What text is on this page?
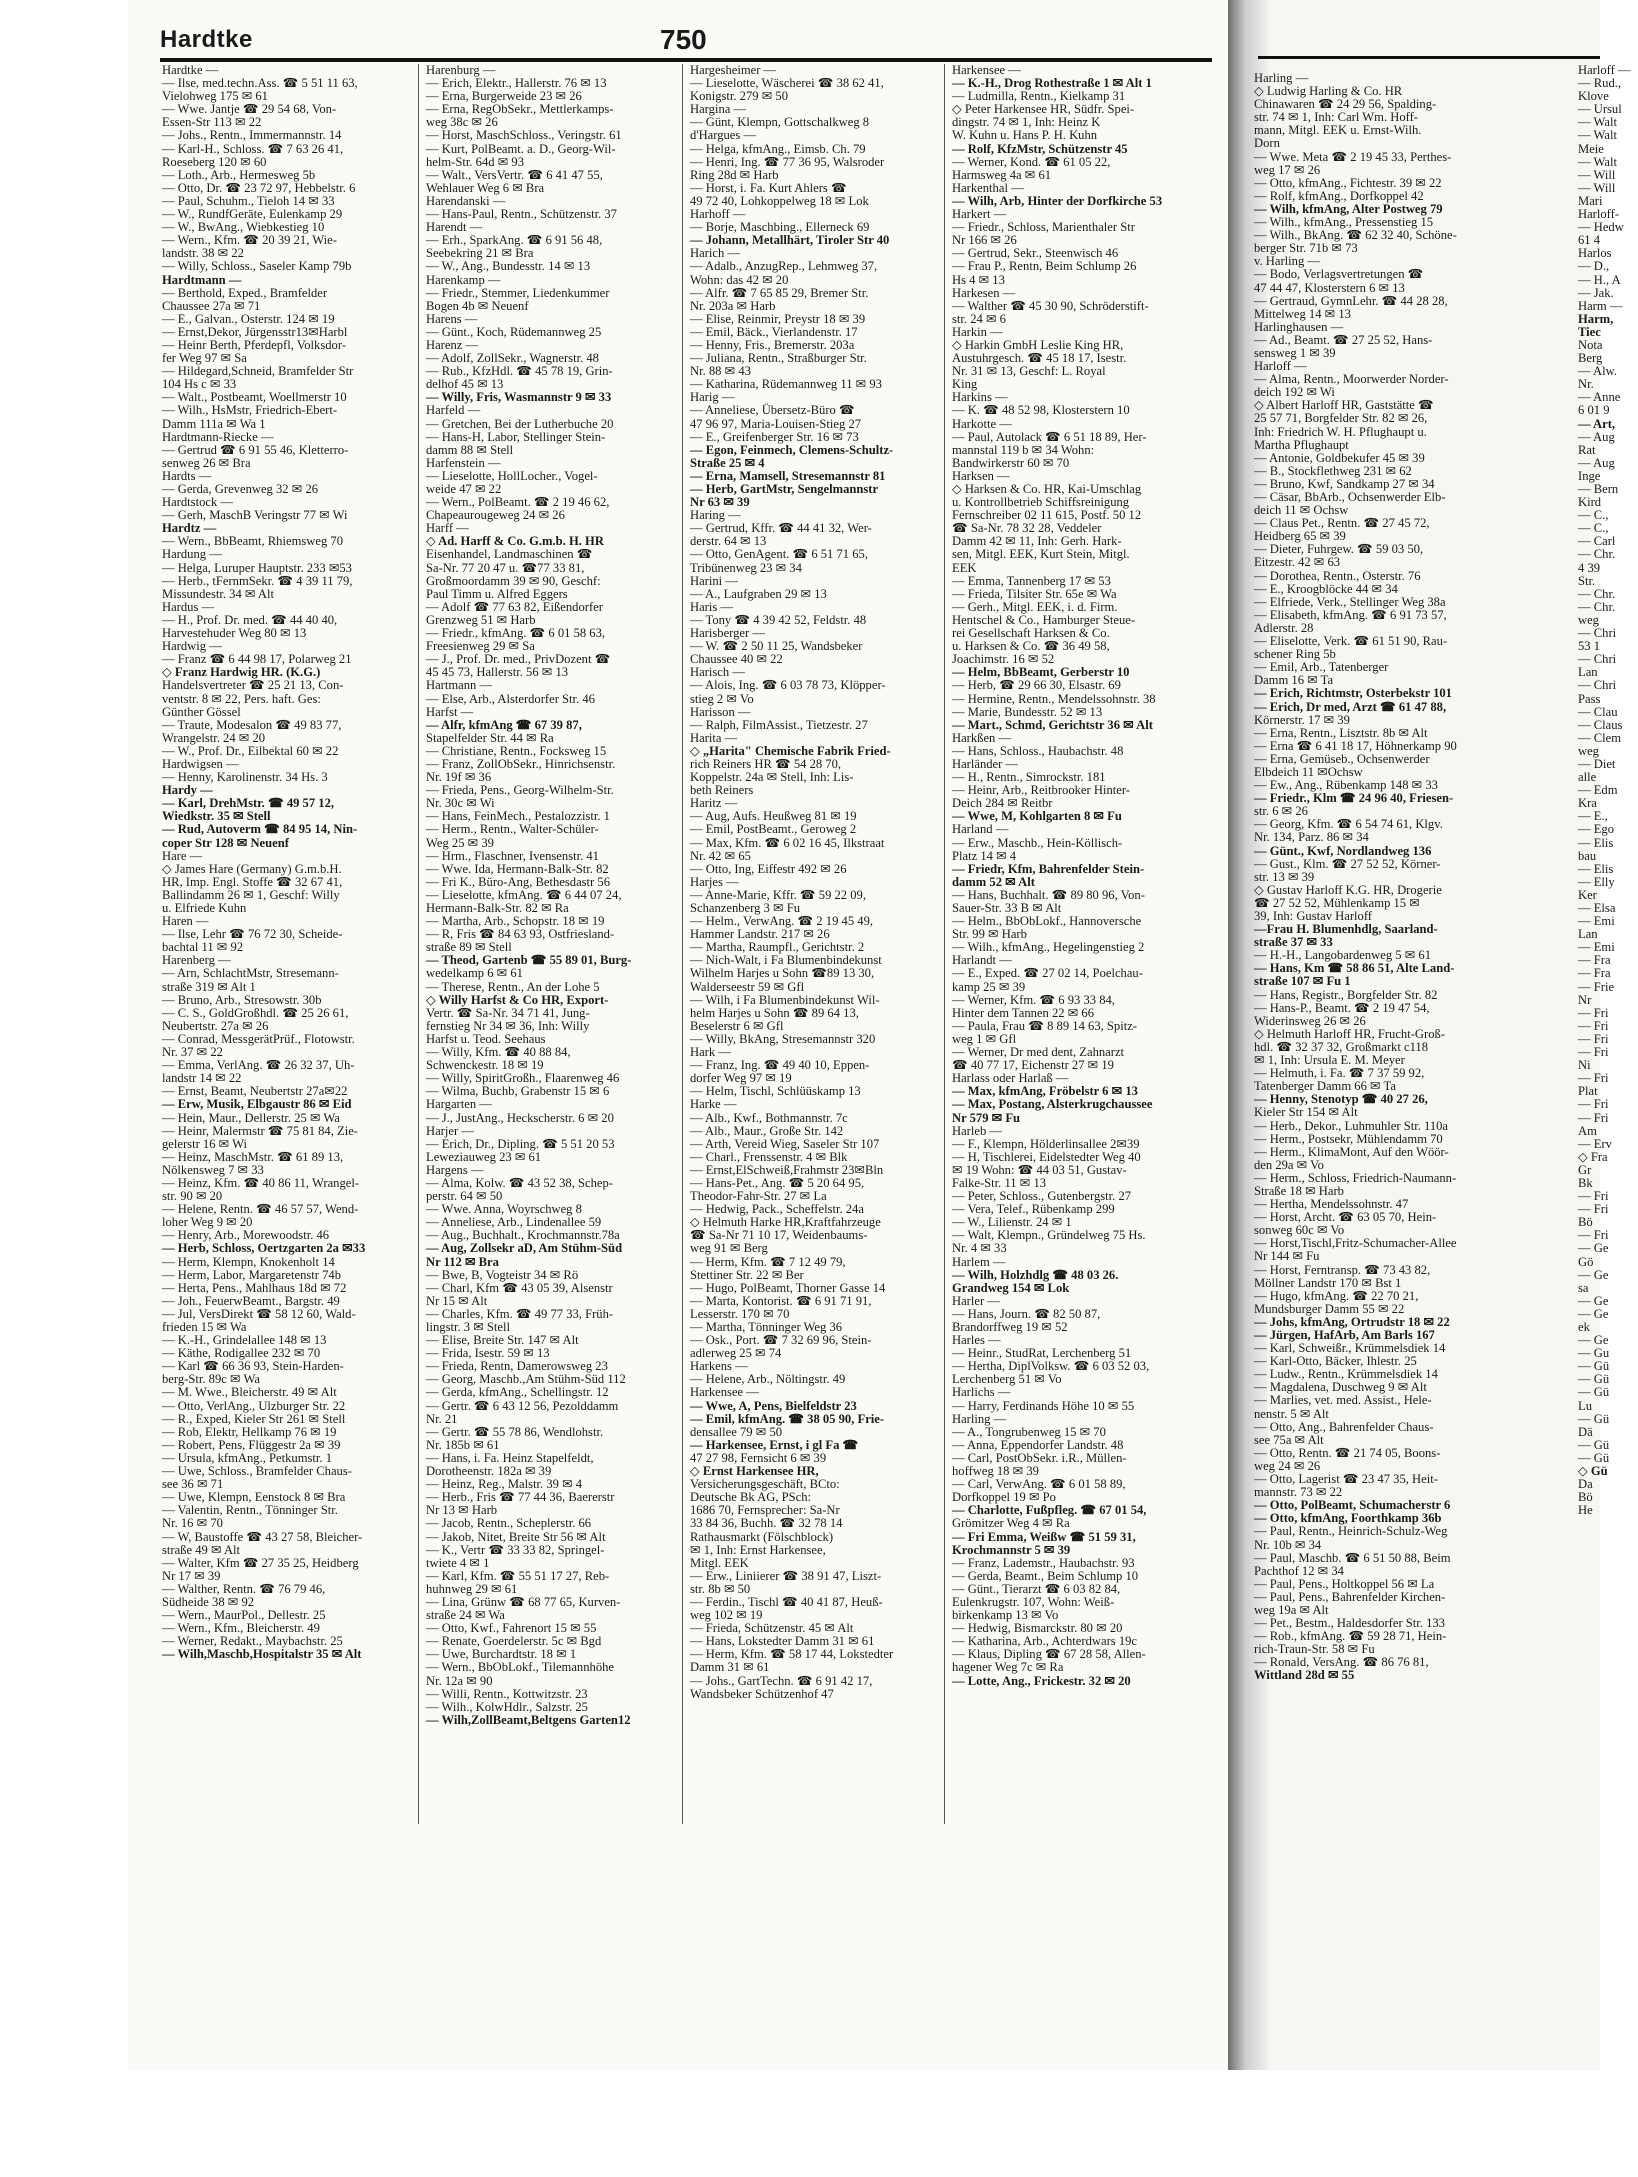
Hardtke	750
Hardtke —
— Ilse, med.techn.Ass. ☎ 5 51 11 63,
Vielohweg 175 ✉ 61
— Wwe. Jantje ☎ 29 54 68, Von-
Essen-Str 113 ✉ 22
— Johs., Rentn., Immermannstr. 14
— Karl-H., Schloss. ☎ 7 63 26 41,
Roeseberg 120 ✉ 60
— Loth., Arb., Hermesweg 5b
— Otto, Dr. ☎ 23 72 97, Hebbelstr. 6
— Paul, Schuhm., Tieloh 14 ✉ 33
— W., RundfGeräte, Eulenkamp 29
— W., BwAng., Wiebkestieg 10
— Wern., Kfm. ☎ 20 39 21, Wie-
landstr. 38 ✉ 22
— Willy, Schloss., Saseler Kamp 79b
Hardtmann —
— Berthold, Exped., Bramfelder
Chaussee 27a ✉ 71
— E., Galvan., Osterstr. 124 ✉ 19
— Ernst,Dekor, Jürgensstr13✉Harbl
— Heinr Berth, Pferdepfl, Volksdor-
fer Weg 97 ✉ Sa
— Hildegard,Schneid, Bramfelder Str
104 Hs c ✉ 33
— Walt., Postbeamt, Woellmerstr 10
— Wilh., HsMstr, Friedrich-Ebert-
Damm 111a ✉ Wa 1
Hardtmann-Riecke —
— Gertrud ☎ 6 91 55 46, Kletterro-
senweg 26 ✉ Bra
Hardts —
— Gerda, Grevenweg 32 ✉ 26
Hardtstock —
— Gerh, MaschB Veringstr 77 ✉ Wi
Hardtz —
— Wern., BbBeamt, Rhiemsweg 70
Hardung —
— Helga, Luruper Hauptstr. 233 ✉53
— Herb., tFernmSekr. ☎ 4 39 11 79,
Missundestr. 34 ✉ Alt
Hardus —
— H., Prof. Dr. med. ☎ 44 40 40,
Harvestehuder Weg 80 ✉ 13
Hardwig —
— Franz ☎ 6 44 98 17, Polarweg 21
◇ Franz Hardwig HR. (K.G.)
Handelsvertreter ☎ 25 21 13, Con-
ventstr. 8 ✉ 22, Pers. haft. Ges:
Günther Gössel
— Traute, Modesalon ☎ 49 83 77,
Wrangelstr. 24 ✉ 20
— W., Prof. Dr., Eilbektal 60 ✉ 22
Hardwigsen —
— Henny, Karolinenstr. 34 Hs. 3
Hardy —
— Karl, DrehMstr. ☎ 49 57 12,
Wiedkstr. 35 ✉ Stell
— Rud, Autoverm ☎ 84 95 14, Nin-
coper Str 128 ✉ Neuenf
Hare —
◇ James Hare (Germany) G.m.b.H.
HR, Imp. Engl. Stoffe ☎ 32 67 41,
Ballindamm 26 ✉ 1, Geschf: Willy
u. Elfriede Kuhn
Haren —
— Ilse, Lehr ☎ 76 72 30, Scheide-
bachtal 11 ✉ 92
Harenberg —
— Arn, SchlachtMstr, Stresemann-
straße 319 ✉ Alt 1
— Bruno, Arb., Stresowstr. 30b
— C. S., GoldGroßhdl. ☎ 25 26 61,
Neubertstr. 27a ✉ 26
— Conrad, MessgerätPrüf., Flotowstr.
Nr. 37 ✉ 22
— Emma, VerlAng. ☎ 26 32 37, Uh-
landstr 14 ✉ 22
— Ernst, Beamt, Neubertstr 27a✉22
— Erw, Musik, Elbgaustr 86 ✉ Eid
— Hein, Maur., Dellerstr. 25 ✉ Wa
— Heinr, Malermstr ☎ 75 81 84, Zie-
gelerstr 16 ✉ Wi
— Heinz, MaschMstr. ☎ 61 89 13,
Nölkensweg 7 ✉ 33
— Heinz, Kfm. ☎ 40 86 11, Wrangel-
str. 90 ✉ 20
— Helene, Rentn. ☎ 46 57 57, Wend-
loher Weg 9 ✉ 20
— Henry, Arb., Morewoodstr. 46
— Herb, Schloss, Oertzgarten 2a ✉33
— Herm, Klempn, Knokenholt 14
— Herm, Labor, Margaretenstr 74b
— Herta, Pens., Mahlhaus 18d ✉ 72
— Joh., FeuerwBeamt., Bargstr. 49
— Jul, VersDirekt ☎ 58 12 60, Wald-
frieden 15 ✉ Wa
— K.-H., Grindelallee 148 ✉ 13
— Käthe, Rodigallee 232 ✉ 70
— Karl ☎ 66 36 93, Stein-Harden-
berg-Str. 89c ✉ Wa
— M. Wwe., Bleicherstr. 49 ✉ Alt
— Otto, VerlAng., Ulzburger Str. 22
— R., Exped, Kieler Str 261 ✉ Stell
— Rob, Elektr, Hellkamp 76 ✉ 19
— Robert, Pens, Flüggestr 2a ✉ 39
— Ursula, kfmAng., Petkumstr. 1
— Uwe, Schloss., Bramfelder Chaus-
see 36 ✉ 71
— Uwe, Klempn, Eenstock 8 ✉ Bra
— Valentin, Rentn., Tönninger Str.
Nr. 16 ✉ 70
— W, Baustoffe ☎ 43 27 58, Bleicher-
straße 49 ✉ Alt
— Walter, Kfm ☎ 27 35 25, Heidberg
Nr 17 ✉ 39
— Walther, Rentn. ☎ 76 79 46,
Südheide 38 ✉ 92
— Wern., MaurPol., Dellestr. 25
— Wern., Kfm., Bleicherstr. 49
— Werner, Redakt., Maybachstr. 25
— Wilh,Maschb,Hospitalstr 35 ✉ Alt
Harenburg —
— Erich, Elektr., Hallerstr. 76 ✉ 13
— Erna, Burgerweide 23 ✉ 26
— Erna, RegObSekr., Mettlerkamps-
weg 38c ✉ 26
— Horst, MaschSchloss., Veringstr. 61
— Kurt, PolBeamt. a. D., Georg-Wil-
helm-Str. 64d ✉ 93
— Walt., VersVertr. ☎ 6 41 47 55,
Wehlauer Weg 6 ✉ Bra
Harendanski —
— Hans-Paul, Rentn., Schützenstr. 37
Harendt —
— Erh., SparkAng. ☎ 6 91 56 48,
Seebekring 21 ✉ Bra
— W., Ang., Bundesstr. 14 ✉ 13
Harenkamp —
— Friedr., Stemmer, Liedenkummer
Bogen 4b ✉ Neuenf
Harens —
— Günt., Koch, Rüdemannweg 25
Harenz —
— Adolf, ZollSekr., Wagnerstr. 48
— Rub., KfzHdl. ☎ 45 78 19, Grin-
delhof 45 ✉ 13
— Willy, Fris, Wasmannstr 9 ✉ 33
Harfeld —
— Gretchen, Bei der Lutherbuche 20
— Hans-H, Labor, Stellinger Stein-
damm 88 ✉ Stell
Harfenstein —
— Lieselotte, HollLocher., Vogel-
weide 47 ✉ 22
— Wern., PolBeamt. ☎ 2 19 46 62,
Chapeaurougeweg 24 ✉ 26
Harff —
◇ Ad. Harff & Co. G.m.b. H. HR
Eisenhandel, Landmaschinen ☎
Sa-Nr. 77 20 47 u. ☎77 33 81,
Großmoordamm 39 ✉ 90, Geschf:
Paul Timm u. Alfred Eggers
— Adolf ☎ 77 63 82, Eißendorfer
Grenzweg 51 ✉ Harb
— Friedr., kfmAng. ☎ 6 01 58 63,
Freesienweg 29 ✉ Sa
— J., Prof. Dr. med., PrivDozent ☎
45 45 73, Hallerstr. 56 ✉ 13
Hartmann —
— Else, Arb., Alsterdorfer Str. 46
Harfst —
— Alfr, kfmAng ☎ 67 39 87,
Stapelfelder Str. 44 ✉ Ra
— Christiane, Rentn., Focksweg 15
— Franz, ZollObSekr., Hinrichsenstr.
Nr. 19f ✉ 36
— Frieda, Pens., Georg-Wilhelm-Str.
Nr. 30c ✉ Wi
— Hans, FeinMech., Pestalozzistr. 1
— Herm., Rentn., Walter-Schüler-
Weg 25 ✉ 39
— Hrm., Flaschner, Ivensenstr. 41
— Wwe. Ida, Hermann-Balk-Str. 82
— Fri K., Büro-Ang, Bethesdastr 56
— Lieselotte, kfmAng. ☎ 6 44 07 24,
Hermann-Balk-Str. 82 ✉ Ra
— Martha, Arb., Schopstr. 18 ✉ 19
— R, Fris ☎ 84 63 93, Ostfriesland-
straße 89 ✉ Stell
— Theod, Gartenb ☎ 55 89 01, Burg-
wedelkamp 6 ✉ 61
— Therese, Rentn., An der Lohe 5
◇ Willy Harfst & Co HR, Export-
Vertr. ☎ Sa-Nr. 34 71 41, Jung-
fernstieg Nr 34 ✉ 36, Inh: Willy
Harfst u. Teod. Seehaus
— Willy, Kfm. ☎ 40 88 84,
Schwenckestr. 18 ✉ 19
— Willy, SpiritGroßh., Flaarenweg 46
— Wilma, Buchb, Grabenstr 15 ✉ 6
Hargarten —
— J., JustAng., Heckscherstr. 6 ✉ 20
Harjer —
— Erich, Dr., Dipling. ☎ 5 51 20 53
Leweziauweg 23 ✉ 61
Hargens —
— Alma, Kolw. ☎ 43 52 38, Schep-
perstr. 64 ✉ 50
— Wwe. Anna, Woyrschweg 8
— Anneliese, Arb., Lindenallee 59
— Aug., Buchhalt., Krochmannstr.78a
— Aug, Zollsekr aD, Am Stühm-Süd
Nr 112 ✉ Bra
— Bwe, B, Vogteistr 34 ✉ Rö
— Charl, Kfm ☎ 43 05 39, Alsenstr
Nr 15 ✉ Alt
— Charles, Kfm. ☎ 49 77 33, Früh-
lingstr. 3 ✉ Stell
— Elise, Breite Str. 147 ✉ Alt
— Frida, Isestr. 59 ✉ 13
— Frieda, Rentn, Damerowsweg 23
— Georg, Maschb.,Am Stühm-Süd 112
— Gerda, kfmAng., Schellingstr. 12
— Gertr. ☎ 6 43 12 56, Pezolddamm
Nr. 21
— Gertr. ☎ 55 78 86, Wendlohstr.
Nr. 185b ✉ 61
— Hans, i. Fa. Heinz Stapelfeldt,
Dorotheenstr. 182a ✉ 39
— Heinz, Reg., Malstr. 39 ✉ 4
— Herb., Fris ☎ 77 44 36, Baererstr
Nr 13 ✉ Harb
— Jacob, Rentn., Scheplerstr. 66
— Jakob, Nitet, Breite Str 56 ✉ Alt
— K., Vertr ☎ 33 33 82, Springel-
twiete 4 ✉ 1
— Karl, Kfm. ☎ 55 51 17 27, Reb-
huhnweg 29 ✉ 61
— Lina, Grünw ☎ 68 77 65, Kurven-
straße 24 ✉ Wa
— Otto, Kwf., Fahrenort 15 ✉ 55
— Renate, Goerdelerstr. 5c ✉ Bgd
— Uwe, Burchardtstr. 18 ✉ 1
— Wern., BbObLokf., Tilemannhöhe
Nr. 12a ✉ 90
— Willi, Rentn., Kottwitzstr. 23
— Wilh., KolwHdlr., Salzstr. 25
— Wilh,ZollBeamt,Beltgens Garten12
Hargesheimer —
— Lieselotte, Wäscherei ☎ 38 62 41,
Konigstr. 279 ✉ 50
Hargina —
— Günt, Klempn, Gottschalkweg 8
d'Hargues —
— Helga, kfmAng., Eimsb. Ch. 79
— Henri, Ing. ☎ 77 36 95, Walsroder
Ring 28d ✉ Harb
— Horst, i. Fa. Kurt Ahlers ☎
49 72 40, Lohkoppelweg 18 ✉ Lok
Harhoff —
— Borje, Maschbing., Ellerneck 69
— Johann, Metallhärt, Tiroler Str 40
Harich —
— Adalb., AnzugRep., Lehmweg 37,
Wohn: das 42 ✉ 20
— Alfr. ☎ 7 65 85 29, Bremer Str.
Nr. 203a ✉ Harb
— Elise, Reinmir, Preystr 18 ✉ 39
— Emil, Bäck., Vierlandenstr. 17
— Henny, Fris., Bremerstr. 203a
— Juliana, Rentn., Straßburger Str.
Nr. 88 ✉ 43
— Katharina, Rüdemannweg 11 ✉ 93
Harig —
— Anneliese, Übersetz-Büro ☎
47 96 97, Maria-Louisen-Stieg 27
— E., Greifenberger Str. 16 ✉ 73
— Egon, Feinmech, Clemens-Schultz-
Straße 25 ✉ 4
— Erna, Mamsell, Stresemannstr 81
— Herb, GartMstr, Sengelmannstr
Nr 63 ✉ 39
Haring —
— Gertrud, Kffr. ☎ 44 41 32, Wer-
derstr. 64 ✉ 13
— Otto, GenAgent. ☎ 6 51 71 65,
Tribünenweg 23 ✉ 34
Harini —
— A., Laufgraben 29 ✉ 13
Haris —
— Tony ☎ 4 39 42 52, Feldstr. 48
Harisberger —
— W. ☎ 2 50 11 25, Wandsbeker
Chaussee 40 ✉ 22
Harisch —
— Alois, Ing. ☎ 6 03 78 73, Klöpper-
stieg 2 ✉ Vo
Harisson —
— Ralph, FilmAssist., Tietzestr. 27
Harita —
◇ „Harita" Chemische Fabrik Fried-
rich Reiners HR ☎ 54 28 70,
Koppelstr. 24a ✉ Stell, Inh: Lis-
beth Reiners
Haritz —
— Aug, Aufs. Heußweg 81 ✉ 19
— Emil, PostBeamt., Geroweg 2
— Max, Kfm. ☎ 6 02 16 45, Ilkstraat
Nr. 42 ✉ 65
— Otto, Ing, Eiffestr 492 ✉ 26
Harjes —
— Anne-Marie, Kffr. ☎ 59 22 09,
Schanzenberg 3 ✉ Fu
— Helm., VerwAng. ☎ 2 19 45 49,
Hammer Landstr. 217 ✉ 26
— Martha, Raumpfl., Gerichtstr. 2
— Nich-Walt, i Fa Blumenbindekunst
Wilhelm Harjes u Sohn ☎89 13 30,
Walderseestr 59 ✉ Gfl
— Wilh, i Fa Blumenbindekunst Wil-
helm Harjes u Sohn ☎ 89 64 13,
Beselerstr 6 ✉ Gfl
— Willy, BkAng, Stresemannstr 320
Hark —
— Franz, Ing. ☎ 49 40 10, Eppen-
dorfer Weg 97 ✉ 19
— Helm, Tischl, Schlüüskamp 13
Harke —
— Alb., Kwf., Bothmannstr. 7c
— Alb., Maur., Große Str. 142
— Arth, Vereid Wieg, Saseler Str 107
— Charl., Frenssenstr. 4 ✉ Blk
— Ernst,ElSchweiß,Frahmstr 23✉Bln
— Hans-Pet., Ang. ☎ 5 20 64 95,
Theodor-Fahr-Str. 27 ✉ La
— Hedwig, Pack., Scheffelstr. 24a
◇ Helmuth Harke HR,Kraftfahrzeuge
☎ Sa-Nr 71 10 17, Weidenbaums-
weg 91 ✉ Berg
— Herm, Kfm. ☎ 7 12 49 79,
Stettiner Str. 22 ✉ Ber
— Hugo, PolBeamt, Thorner Gasse 14
— Marta, Kontorist. ☎ 6 91 71 91,
Lesserstr. 170 ✉ 70
— Martha, Tönninger Weg 36
— Osk., Port. ☎ 7 32 69 96, Stein-
adlerweg 25 ✉ 74
Harkens —
— Helene, Arb., Nöltingstr. 49
Harkensee —
— Wwe, A, Pens, Bielfeldstr 23
— Emil, kfmAng. ☎ 38 05 90, Frie-
densallee 79 ✉ 50
— Harkensee, Ernst, i gl Fa ☎
47 27 98, Fernsicht 6 ✉ 39
◇ Ernst Harkensee HR,
Versicherungsgeschäft, BCto:
Deutsche Bk AG, PSch:
1686 70, Fernsprecher: Sa-Nr
33 84 36, Buchh. ☎ 32 78 14
Rathausmarkt (Fölschblock)
✉ 1, Inh: Ernst Harkensee,
Mitgl. EEK
— Erw., Liniierer ☎ 38 91 47, Liszt-
str. 8b ✉ 50
— Ferdin., Tischl ☎ 40 41 87, Heuß-
weg 102 ✉ 19
— Frieda, Schützenstr. 45 ✉ Alt
— Hans, Lokstedter Damm 31 ✉ 61
— Herm, Kfm. ☎ 58 17 44, Lokstedter
Damm 31 ✉ 61
— Johs., GartTechn. ☎ 6 91 42 17,
Wandsbeker Schützenhof 47
Harkensee —
— K.-H., Drog Rothestraße 1 ✉ Alt 1
— Ludmilla, Rentn., Kielkamp 31
◇ Peter Harkensee HR, Südfr. Spei-
dingstr. 74 ✉ 1, Inh: Heinz K
W. Kuhn u. Hans P. H. Kuhn
— Rolf, KfzMstr, Schützenstr 45
— Werner, Kond. ☎ 61 05 22,
Harmsweg 4a ✉ 61
Harkenthal —
— Wilh, Arb, Hinter der Dorfkirche 53
Harkert —
— Friedr., Schloss, Marienthaler Str
Nr 166 ✉ 26
— Gertrud, Sekr., Steenwisch 46
— Frau P., Rentn, Beim Schlump 26
Hs 4 ✉ 13
Harkesen —
— Walther ☎ 45 30 90, Schröderstift-
str. 24 ✉ 6
Harkin —
◇ Harkin GmbH Leslie King HR,
Austuhrgesch. ☎ 45 18 17, Isestr.
Nr. 31 ✉ 13, Geschf: L. Royal
King
Harkins —
— K. ☎ 48 52 98, Klosterstern 10
Harkotte —
— Paul, Autolack ☎ 6 51 18 89, Her-
mannstal 119 b ✉ 34 Wohn:
Bandwirkerstr 60 ✉ 70
Harksen —
◇ Harksen & Co. HR, Kai-Umschlag
u. Kontrollbetrieb Schiffsreinigung
Fernschreiber 02 11 615, Postf. 50 12
☎ Sa-Nr. 78 32 28, Veddeler
Damm 42 ✉ 11, Inh: Gerh. Hark-
sen, Mitgl. EEK, Kurt Stein, Mitgl.
EEK
— Emma, Tannenberg 17 ✉ 53
— Frieda, Tilsiter Str. 65e ✉ Wa
— Gerh., Mitgl. EEK, i. d. Firm.
Hentschel & Co., Hamburger Steue-
rei Gesellschaft Harksen & Co.
u. Harksen & Co. ☎ 36 49 58,
Joachimstr. 16 ✉ 52
— Helm, BbBeamt, Gerberstr 10
— Herb, ☎ 29 66 30, Elsastr. 69
— Hermine, Rentn., Mendelssohnstr. 38
— Marie, Bundesstr. 52 ✉ 13
— Mart., Schmd, Gerichtstr 36 ✉ Alt
Harkßen —
— Hans, Schloss., Haubachstr. 48
Harländer —
— H., Rentn., Simrockstr. 181
— Heinr, Arb., Reitbrooker Hinter-
Deich 284 ✉ Reitbr
— Wwe, M, Kohlgarten 8 ✉ Fu
Harland —
— Erw., Maschb., Hein-Köllisch-
Platz 14 ✉ 4
— Friedr, Kfm, Bahrenfelder Stein-
damm 52 ✉ Alt
— Hans, Buchhalt. ☎ 89 80 96, Von-
Sauer-Str. 33 B ✉ Alt
— Helm., BbObLokf., Hannoversche
Str. 99 ✉ Harb
— Wilh., kfmAng., Hegelingenstieg 2
Harlandt —
— E., Exped. ☎ 27 02 14, Poelchau-
kamp 25 ✉ 39
— Werner, Kfm. ☎ 6 93 33 84,
Hinter dem Tannen 22 ✉ 66
— Paula, Frau ☎ 8 89 14 63, Spitz-
weg 1 ✉ Gfl
— Werner, Dr med dent, Zahnarzt
☎ 40 77 17, Eichenstr 27 ✉ 19
Harlass oder Harlaß —
— Max, kfmAng, Fröbelstr 6 ✉ 13
— Max, Postang, Alsterkrugchaussee
Nr 579 ✉ Fu
Harleb —
— F., Klempn, Hölderlinsallee 2✉39
— H, Tischlerei, Eidelstedter Weg 40
✉ 19 Wohn: ☎ 44 03 51, Gustav-
Falke-Str. 11 ✉ 13
— Peter, Schloss., Gutenbergstr. 27
— Vera, Telef., Rübenkamp 299
— W., Lilienstr. 24 ✉ 1
— Walt, Klempn., Gründelweg 75 Hs.
Nr. 4 ✉ 33
Harlem —
— Wilh, Holzhdlg ☎ 48 03 26.
Grandweg 154 ✉ Lok
Harler —
— Hans, Journ. ☎ 82 50 87,
Brandorffweg 19 ✉ 52
Harles —
— Heinr., StudRat, Lerchenberg 51
— Hertha, DiplVolksw. ☎ 6 03 52 03,
Lerchenberg 51 ✉ Vo
Harlichs —
— Harry, Ferdinands Höhe 10 ✉ 55
Harling —
— A., Tongrubenweg 15 ✉ 70
— Anna, Eppendorfer Landstr. 48
— Carl, PostObSekr. i.R., Müllen-
hoffweg 18 ✉ 39
— Carl, VerwAng. ☎ 6 01 58 89,
Dorfkoppel 19 ✉ Po
— Charlotte, Fußpfleg. ☎ 67 01 54,
Grömitzer Weg 4 ✉ Ra
— Fri Emma, Weißw ☎ 51 59 31,
Krochmannstr 5 ✉ 39
— Franz, Lademstr., Haubachstr. 93
— Gerda, Beamt., Beim Schlump 10
— Günt., Tierarzt ☎ 6 03 82 84,
Eulenkrugstr. 107, Wohn: Weiß-
birkenkamp 13 ✉ Vo
— Hedwig, Bismarckstr. 80 ✉ 20
— Katharina, Arb., Achterdwars 19c
— Klaus, Dipling ☎ 67 28 58, Allen-
hagener Weg 7c ✉ Ra
— Lotte, Ang., Frickestr. 32 ✉ 20
Harling —
◇ Ludwig Harling & Co. HR
Chinawaren ☎ 24 29 56, Spalding-
str. 74 ✉ 1, Inh: Carl Wm. Hoff-
mann, Mitgl. EEK u. Ernst-Wilh.
Dorn
— Wwe. Meta ☎ 2 19 45 33, Perthes-
weg 17 ✉ 26
— Otto, kfmAng., Fichtestr. 39 ✉ 22
— Rolf, kfmAng., Dorfkoppel 42
— Wilh, kfmAng, Alter Postweg 79
— Wilh., kfmAng., Pressenstieg 15
— Wilh., BkAng. ☎ 62 32 40, Schöne-
berger Str. 71b ✉ 73
v. Harling —
— Bodo, Verlagsvertretungen ☎
47 44 47, Klosterstern 6 ✉ 13
— Gertraud, GymnLehr. ☎ 44 28 28,
Mittelweg 14 ✉ 13
Harlinghausen —
— Ad., Beamt. ☎ 27 25 52, Hans-
sensweg 1 ✉ 39
Harloff —
— Alma, Rentn., Moorwerder Norder-
deich 192 ✉ Wi
◇ Albert Harloff HR, Gaststätte ☎
25 57 71, Borgfelder Str. 82 ✉ 26,
Inh: Friedrich W. H. Pflughaupt u.
Martha Pflughaupt
— Antonie, Goldbekufer 45 ✉ 39
— B., Stockflethweg 231 ✉ 62
— Bruno, Kwf, Sandkamp 27 ✉ 34
— Cäsar, BbArb., Ochsenwerder Elb-
deich 11 ✉ Ochsw
— Claus Pet., Rentn. ☎ 27 45 72,
Heidberg 65 ✉ 39
— Dieter, Fuhrgew. ☎ 59 03 50,
Eitzestr. 42 ✉ 63
— Dorothea, Rentn., Osterstr. 76
— E., Kroogblöcke 44 ✉ 34
— Elfriede, Verk., Stellinger Weg 38a
— Elisabeth, kfmAng. ☎ 6 91 73 57,
Adlerstr. 28
— Eliselotte, Verk. ☎ 61 51 90, Rau-
schener Ring 5b
— Emil, Arb., Tatenberger
Damm 16 ✉ Ta
— Erich, Richtmstr, Osterbekstr 101
— Erich, Dr med, Arzt ☎ 61 47 88,
Körnerstr. 17 ✉ 39
— Erna, Rentn., Lisztstr. 8b ✉ Alt
— Erna ☎ 6 41 18 17, Höhnerkamp 90
— Erna, Gemüseb., Ochsenwerder
Elbdeich 11 ✉Ochsw
— Ew., Ang., Rübenkamp 148 ✉ 33
— Friedr., Klm ☎ 24 96 40, Friesen-
str. 6 ✉ 26
— Georg, Kfm. ☎ 6 54 74 61, Klgv.
Nr. 134, Parz. 86 ✉ 34
— Günt., Kwf, Nordlandweg 136
— Gust., Klm. ☎ 27 52 52, Körner-
str. 13 ✉ 39
◇ Gustav Harloff K.G. HR, Drogerie
☎ 27 52 52, Mühlenkamp 15 ✉
39, Inh: Gustav Harloff
—Frau H. Blumenhdlg, Saarland-
straße 37 ✉ 33
— H.-H., Langobardenweg 5 ✉ 61
— Hans, Km ☎ 58 86 51, Alte Land-
straße 107 ✉ Fu 1
— Hans, Registr., Borgfelder Str. 82
— Hans-P., Beamt. ☎ 2 19 47 54,
Widerinsweg 26 ✉ 26
◇ Helmuth Harloff HR, Frucht-Groß-
hdl. ☎ 32 37 32, Großmarkt c118
✉ 1, Inh: Ursula E. M. Meyer
— Helmuth, i. Fa. ☎ 7 37 59 92,
Tatenberger Damm 66 ✉ Ta
— Henny, Stenotyp ☎ 40 27 26,
Kieler Str 154 ✉ Alt
— Herb., Dekor., Luhmuhler Str. 110a
— Herm., Postsekr, Mühlendamm 70
— Herm., KlimaMont, Auf den Wöör-
den 29a ✉ Vo
— Herm., Schloss, Friedrich-Naumann-
Straße 18 ✉ Harb
— Hertha, Mendelssohnstr. 47
— Horst, Archt. ☎ 63 05 70, Hein-
sonweg 60c ✉ Vo
— Horst,Tischl,Fritz-Schumacher-Allee
Nr 144 ✉ Fu
— Horst, Ferntransp. ☎ 73 43 82,
Möllner Landstr 170 ✉ Bst 1
— Hugo, kfmAng. ☎ 22 70 21,
Mundsburger Damm 55 ✉ 22
— Johs, kfmAng, Ortrudstr 18 ✉ 22
— Jürgen, HafArb, Am Barls 167
— Karl, Schweißr., Krümmelsdiek 14
— Karl-Otto, Bäcker, Ihlestr. 25
— Ludw., Rentn., Krümmelsdiek 14
— Magdalena, Duschweg 9 ✉ Alt
— Marlies, vet. med. Assist., Hele-
nenstr. 5 ✉ Alt
— Otto, Ang., Bahrenfelder Chaus-
see 75a ✉ Alt
— Otto, Rentn. ☎ 21 74 05, Boons-
weg 24 ✉ 26
— Otto, Lagerist ☎ 23 47 35, Heit-
mannstr. 73 ✉ 22
— Otto, PolBeamt, Schumacherstr 6
— Otto, kfmAng, Foorthkamp 36b
— Paul, Rentn., Heinrich-Schulz-Weg
Nr. 10b ✉ 34
— Paul, Maschb. ☎ 6 51 50 88, Beim
Pachthof 12 ✉ 34
— Paul, Pens., Holtkoppel 56 ✉ La
— Paul, Pens., Bahrenfelder Kirchen-
weg 19a ✉ Alt
— Pet., Bestm., Haldesdorfer Str. 133
— Rob., kfmAng. ☎ 59 28 71, Hein-
rich-Traun-Str. 58 ✉ Fu
— Ronald, VersAng. ☎ 86 76 81,
Wittland 28d ✉ 55
Harloff —
— Rud.,
Klove
— Ursul
— Walt
— Walt
Meie
— Walt
— Will
— Will
Mari
Harloff-
— Hedw
61 4
Harlos
— D.,
— H., A
— Jak.
Harm —
Harm,
Tiec
Nota
Berg
— Alw.
Nr.
— Anne
6 01 9
— Art,
— Aug
Rat
— Aug
Inge
— Bern
Kird
— C.,
— C.,
— Carl
— Chr.
4 39
Str.
— Chr.
— Chr.
weg
— Chri
53 1
— Chri
Lan
— Chri
Pass
— Clau
— Claus
— Clem
weg
— Diet
alle
— Edm
Kra
— E.,
— Ego
— Elis
bau
— Elis
— Elly
Ker
— Elsa
— Emi
Lan
— Emi
— Fra
— Fra
— Frie
Nr
— Fri
— Fri
— Fri
— Fri
Ni
— Fri
Plat
— Fri
— Fri
Am
— Erv
◇ Fra
Gr
Bk
— Fri
— Fri
Bö
— Fri
— Ge
Gö
— Ge
sa
— Ge
— Ge
ek
— Ge
— Gu
— Gü
— Gü
— Gü
Lu
— Gü
Dä
— Gü
— Gü
◇ Gü
Da
Bö
He
